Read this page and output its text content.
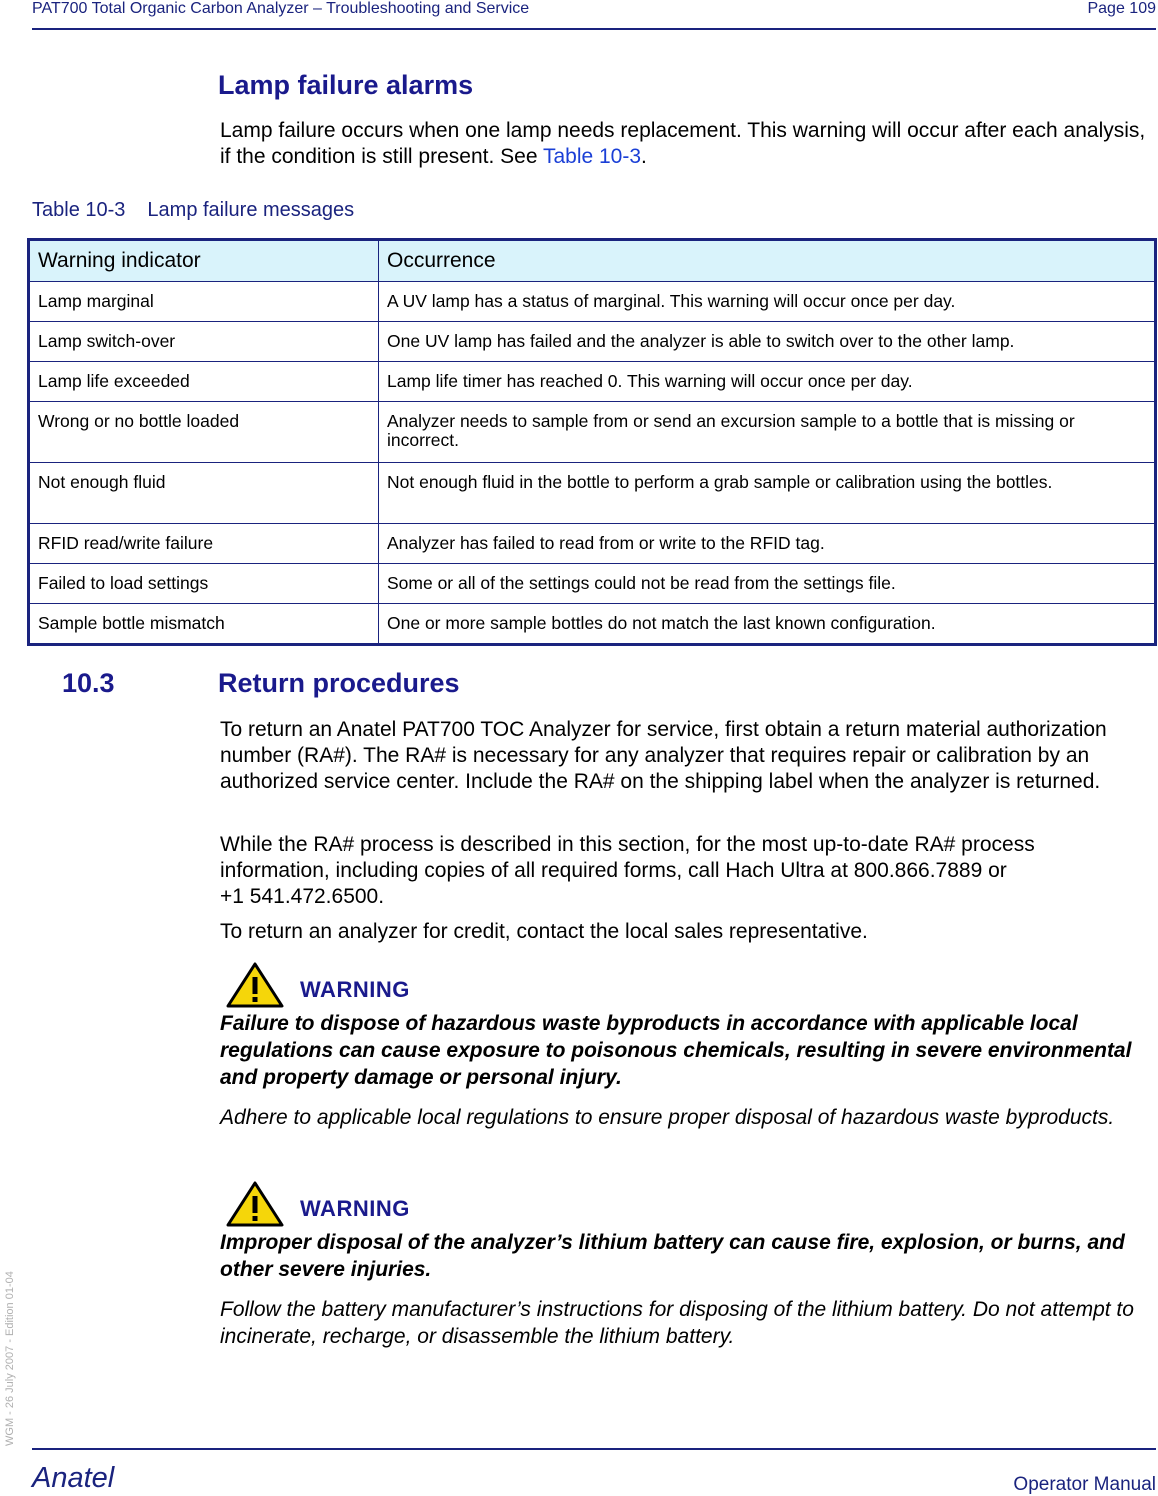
PAT700 Total Organic Carbon Analyzer – Troubleshooting and Service	Page 109
Lamp failure alarms
Lamp failure occurs when one lamp needs replacement. This warning will occur after each analysis, if the condition is still present. See Table 10-3.
Table 10-3 Lamp failure messages
Warning indicator	Occurrence
Lamp marginal	A UV lamp has a status of marginal. This warning will occur once per day.
Lamp switch-over	One UV lamp has failed and the analyzer is able to switch over to the other lamp.
Lamp life exceeded	Lamp life timer has reached 0. This warning will occur once per day.
Wrong or no bottle loaded	Analyzer needs to sample from or send an excursion sample to a bottle that is missing or incorrect.
Not enough fluid	Not enough fluid in the bottle to perform a grab sample or calibration using the bottles.
RFID read/write failure	Analyzer has failed to read from or write to the RFID tag.
Failed to load settings	Some or all of the settings could not be read from the settings file.
Sample bottle mismatch	One or more sample bottles do not match the last known configuration.
10.3	Return procedures
To return an Anatel PAT700 TOC Analyzer for service, first obtain a return material authorization number (RA#). The RA# is necessary for any analyzer that requires repair or calibration by an authorized service center. Include the RA# on the shipping label when the analyzer is returned.
While the RA# process is described in this section, for the most up-to-date RA# process information, including copies of all required forms, call Hach Ultra at 800.866.7889 or
+1 541.472.6500.
To return an analyzer for credit, contact the local sales representative.
WARNING
Failure to dispose of hazardous waste byproducts in accordance with applicable local regulations can cause exposure to poisonous chemicals, resulting in severe environmental and property damage or personal injury.
Adhere to applicable local regulations to ensure proper disposal of hazardous waste byproducts.
WARNING
Improper disposal of the analyzer’s lithium battery can cause fire, explosion, or burns, and other severe injuries.
Follow the battery manufacturer’s instructions for disposing of the lithium battery. Do not attempt to incinerate, recharge, or disassemble the lithium battery.
WGM - 26 July 2007 - Edition 01-04
Anatel	Operator Manual
